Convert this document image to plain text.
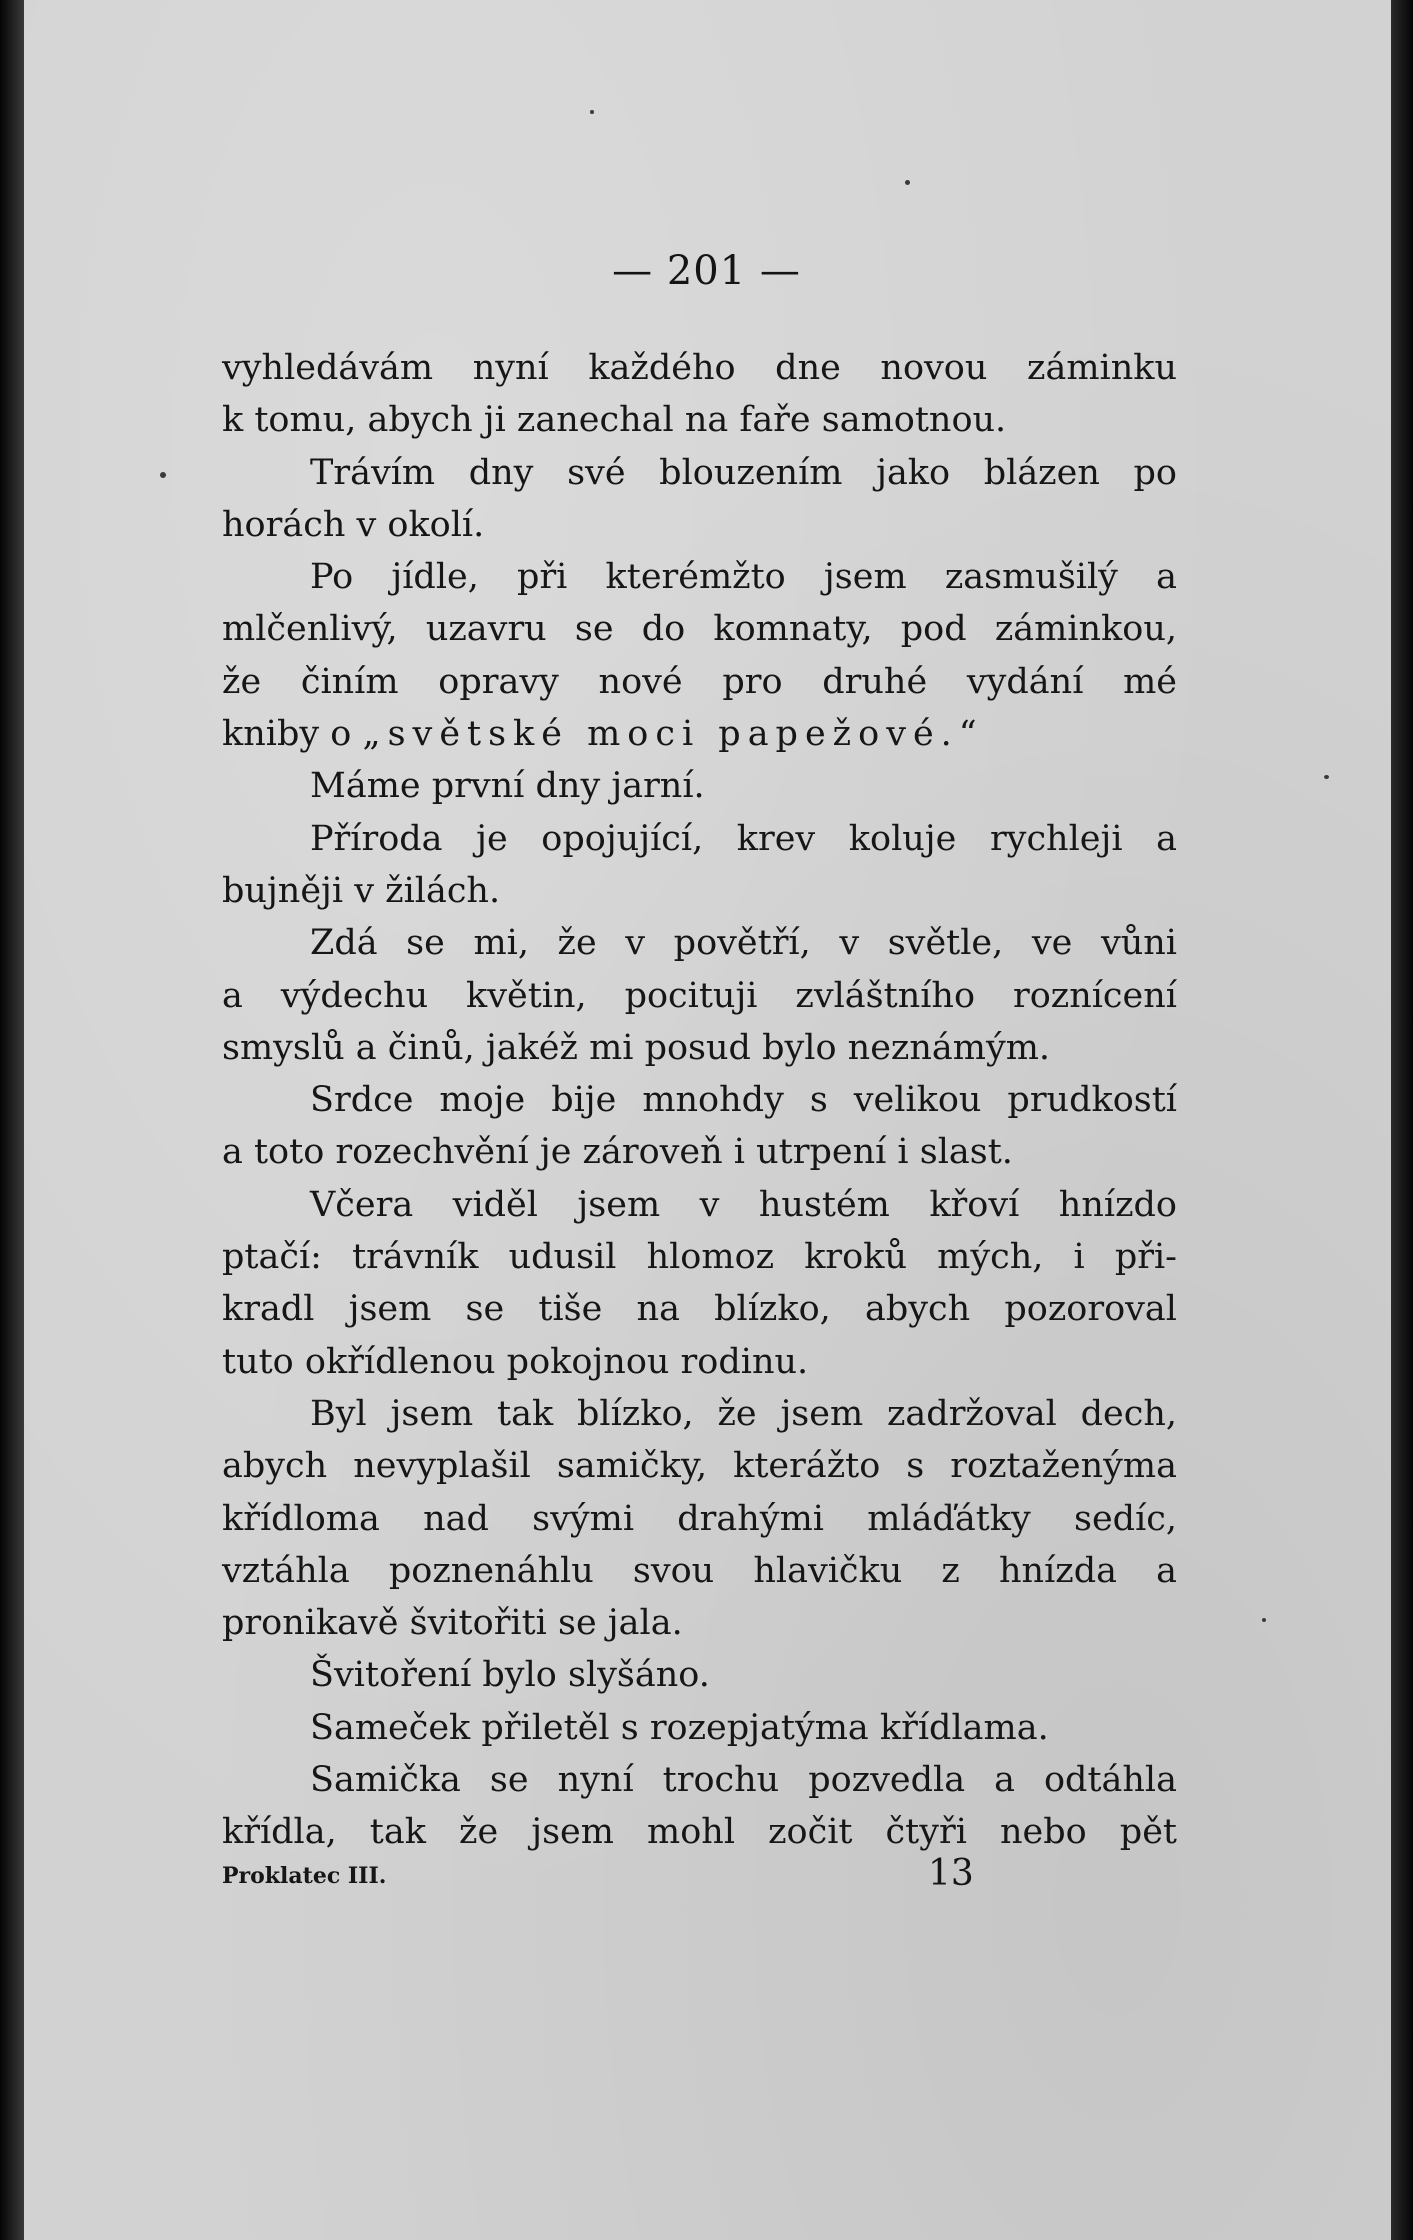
— 201 —
vyhledávám nyní každého dne novou záminku
k tomu, abych ji zanechal na faře samotnou.
Trávím dny své blouzením jako blázen po
horách v okolí.
Po jídle, při kterémžto jsem zasmušilý a
mlčenlivý, uzavru se do komnaty, pod záminkou,
že činím opravy nové pro druhé vydání mé
kniby o „světské moci papežové.“
Máme první dny jarní.
Příroda je opojující, krev koluje rychleji a
bujněji v žilách.
Zdá se mi, že v povětří, v světle, ve vůni
a výdechu květin, pocituji zvláštního roznícení
smyslů a činů, jakéž mi posud bylo neznámým.
Srdce moje bije mnohdy s velikou prudkostí
a toto rozechvění je zároveň i utrpení i slast.
Včera viděl jsem v hustém křoví hnízdo
ptačí: trávník udusil hlomoz kroků mých, i při-
kradl jsem se tiše na blízko, abych pozoroval
tuto okřídlenou pokojnou rodinu.
Byl jsem tak blízko, že jsem zadržoval dech,
abych nevyplašil samičky, kterážto s roztaženýma
křídloma nad svými drahými mláďátky sedíc,
vztáhla poznenáhlu svou hlavičku z hnízda a
pronikavě švitořiti se jala.
Švitoření bylo slyšáno.
Sameček přiletěl s rozepjatýma křídlama.
Samička se nyní trochu pozvedla a odtáhla
křídla, tak že jsem mohl zočit čtyři nebo pět
Proklatec III.	13
